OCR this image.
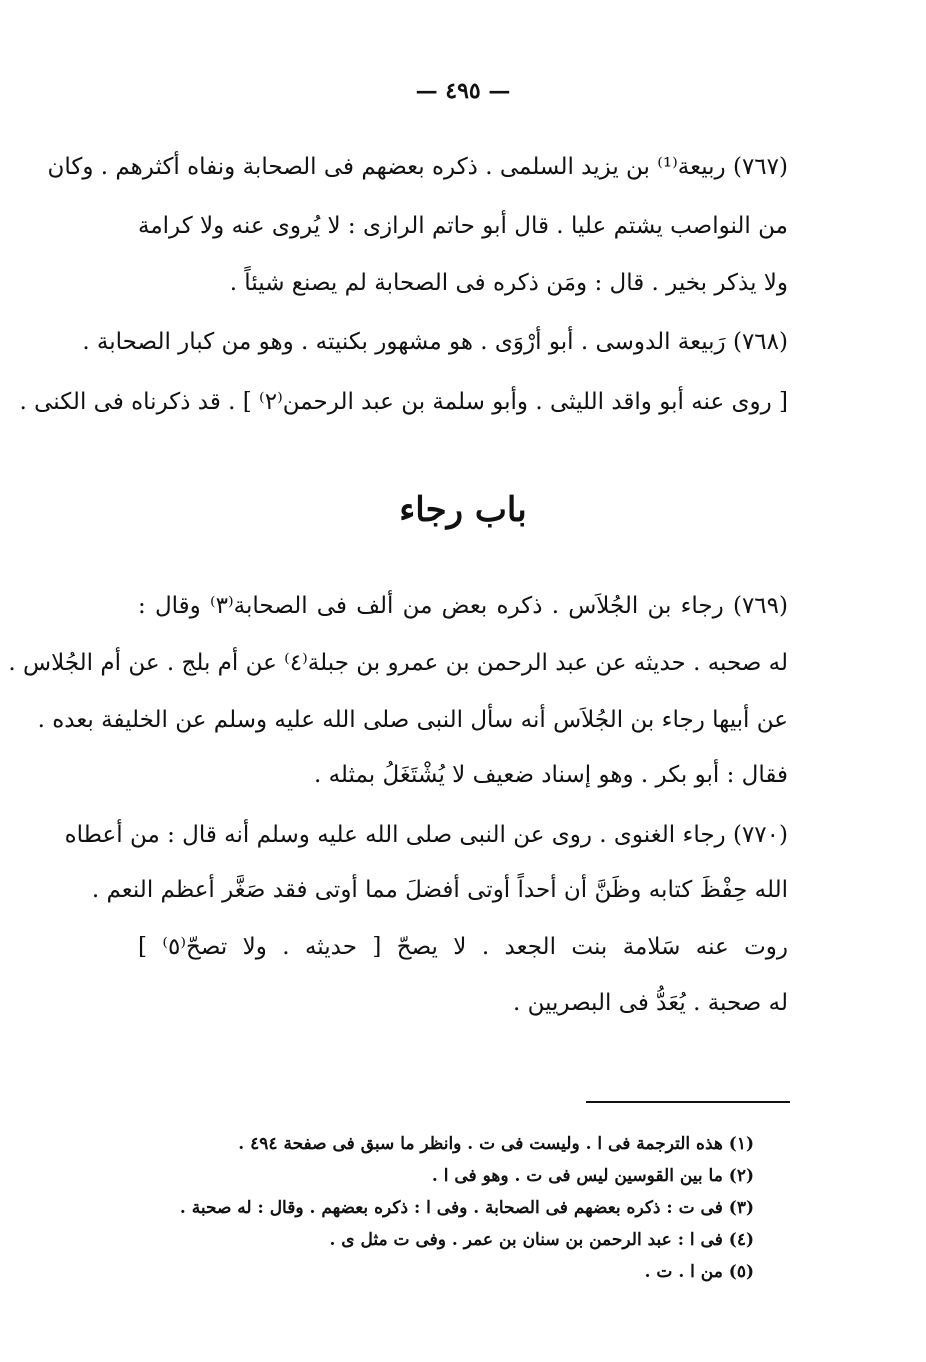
— ٤٩٥ —
(٧٦٧) ربيعة⁽¹⁾ بن يزيد السلمى . ذكره بعضهم فى الصحابة ونفاه أكثرهم . وكان
من النواصب يشتم عليا . قال أبو حاتم الرازى : لا يُروى عنه ولا كرامة
ولا يذكر بخير . قال : ومَن ذكره فى الصحابة لم يصنع شيئاً .
(٧٦٨) رَبيعة الدوسى . أبو أرْوَى . هو مشهور بكنيته . وهو من كبار الصحابة .
[ روى عنه أبو واقد الليثى . وأبو سلمة بن عبد الرحمن⁽٢⁾ ] . قد ذكرناه فى الكنى .
باب رجاء
(٧٦٩) رجاء بن الجُلاَس . ذكره بعض من ألف فى الصحابة⁽٣⁾ وقال :
له صحبه . حديثه عن عبد الرحمن بن عمرو بن جبلة⁽٤⁾ عن أم بلج . عن أم الجُلاس .
عن أبيها رجاء بن الجُلاَس أنه سأل النبى صلى الله عليه وسلم عن الخليفة بعده .
فقال : أبو بكر . وهو إسناد ضعيف لا يُشْتَغَلُ بمثله .
(٧٧٠) رجاء الغنوى . روى عن النبى صلى الله عليه وسلم أنه قال : من أعطاه
الله حِفْظَ كتابه وظَنَّ أن أحداً أوتى أفضلَ مما أوتى فقد صَغَّر أعظم النعم .
روت عنه سَلامة بنت الجعد . لا يصحّ [ حديثه . ولا تصحّ⁽٥⁾ ]
له صحبة . يُعَدُّ فى البصريين .
(١) هذه الترجمة فى ا . وليست فى ت . وانظر ما سبق فى صفحة ٤٩٤ .
(٢) ما بين القوسين ليس فى ت . وهو فى ا .
(٣) فى ت : ذكره بعضهم فى الصحابة . وفى ا : ذكره بعضهم . وقال : له صحبة .
(٤) فى ا : عبد الرحمن بن سنان بن عمر . وفى ت مثل ى .
(٥) من ا . ت .
